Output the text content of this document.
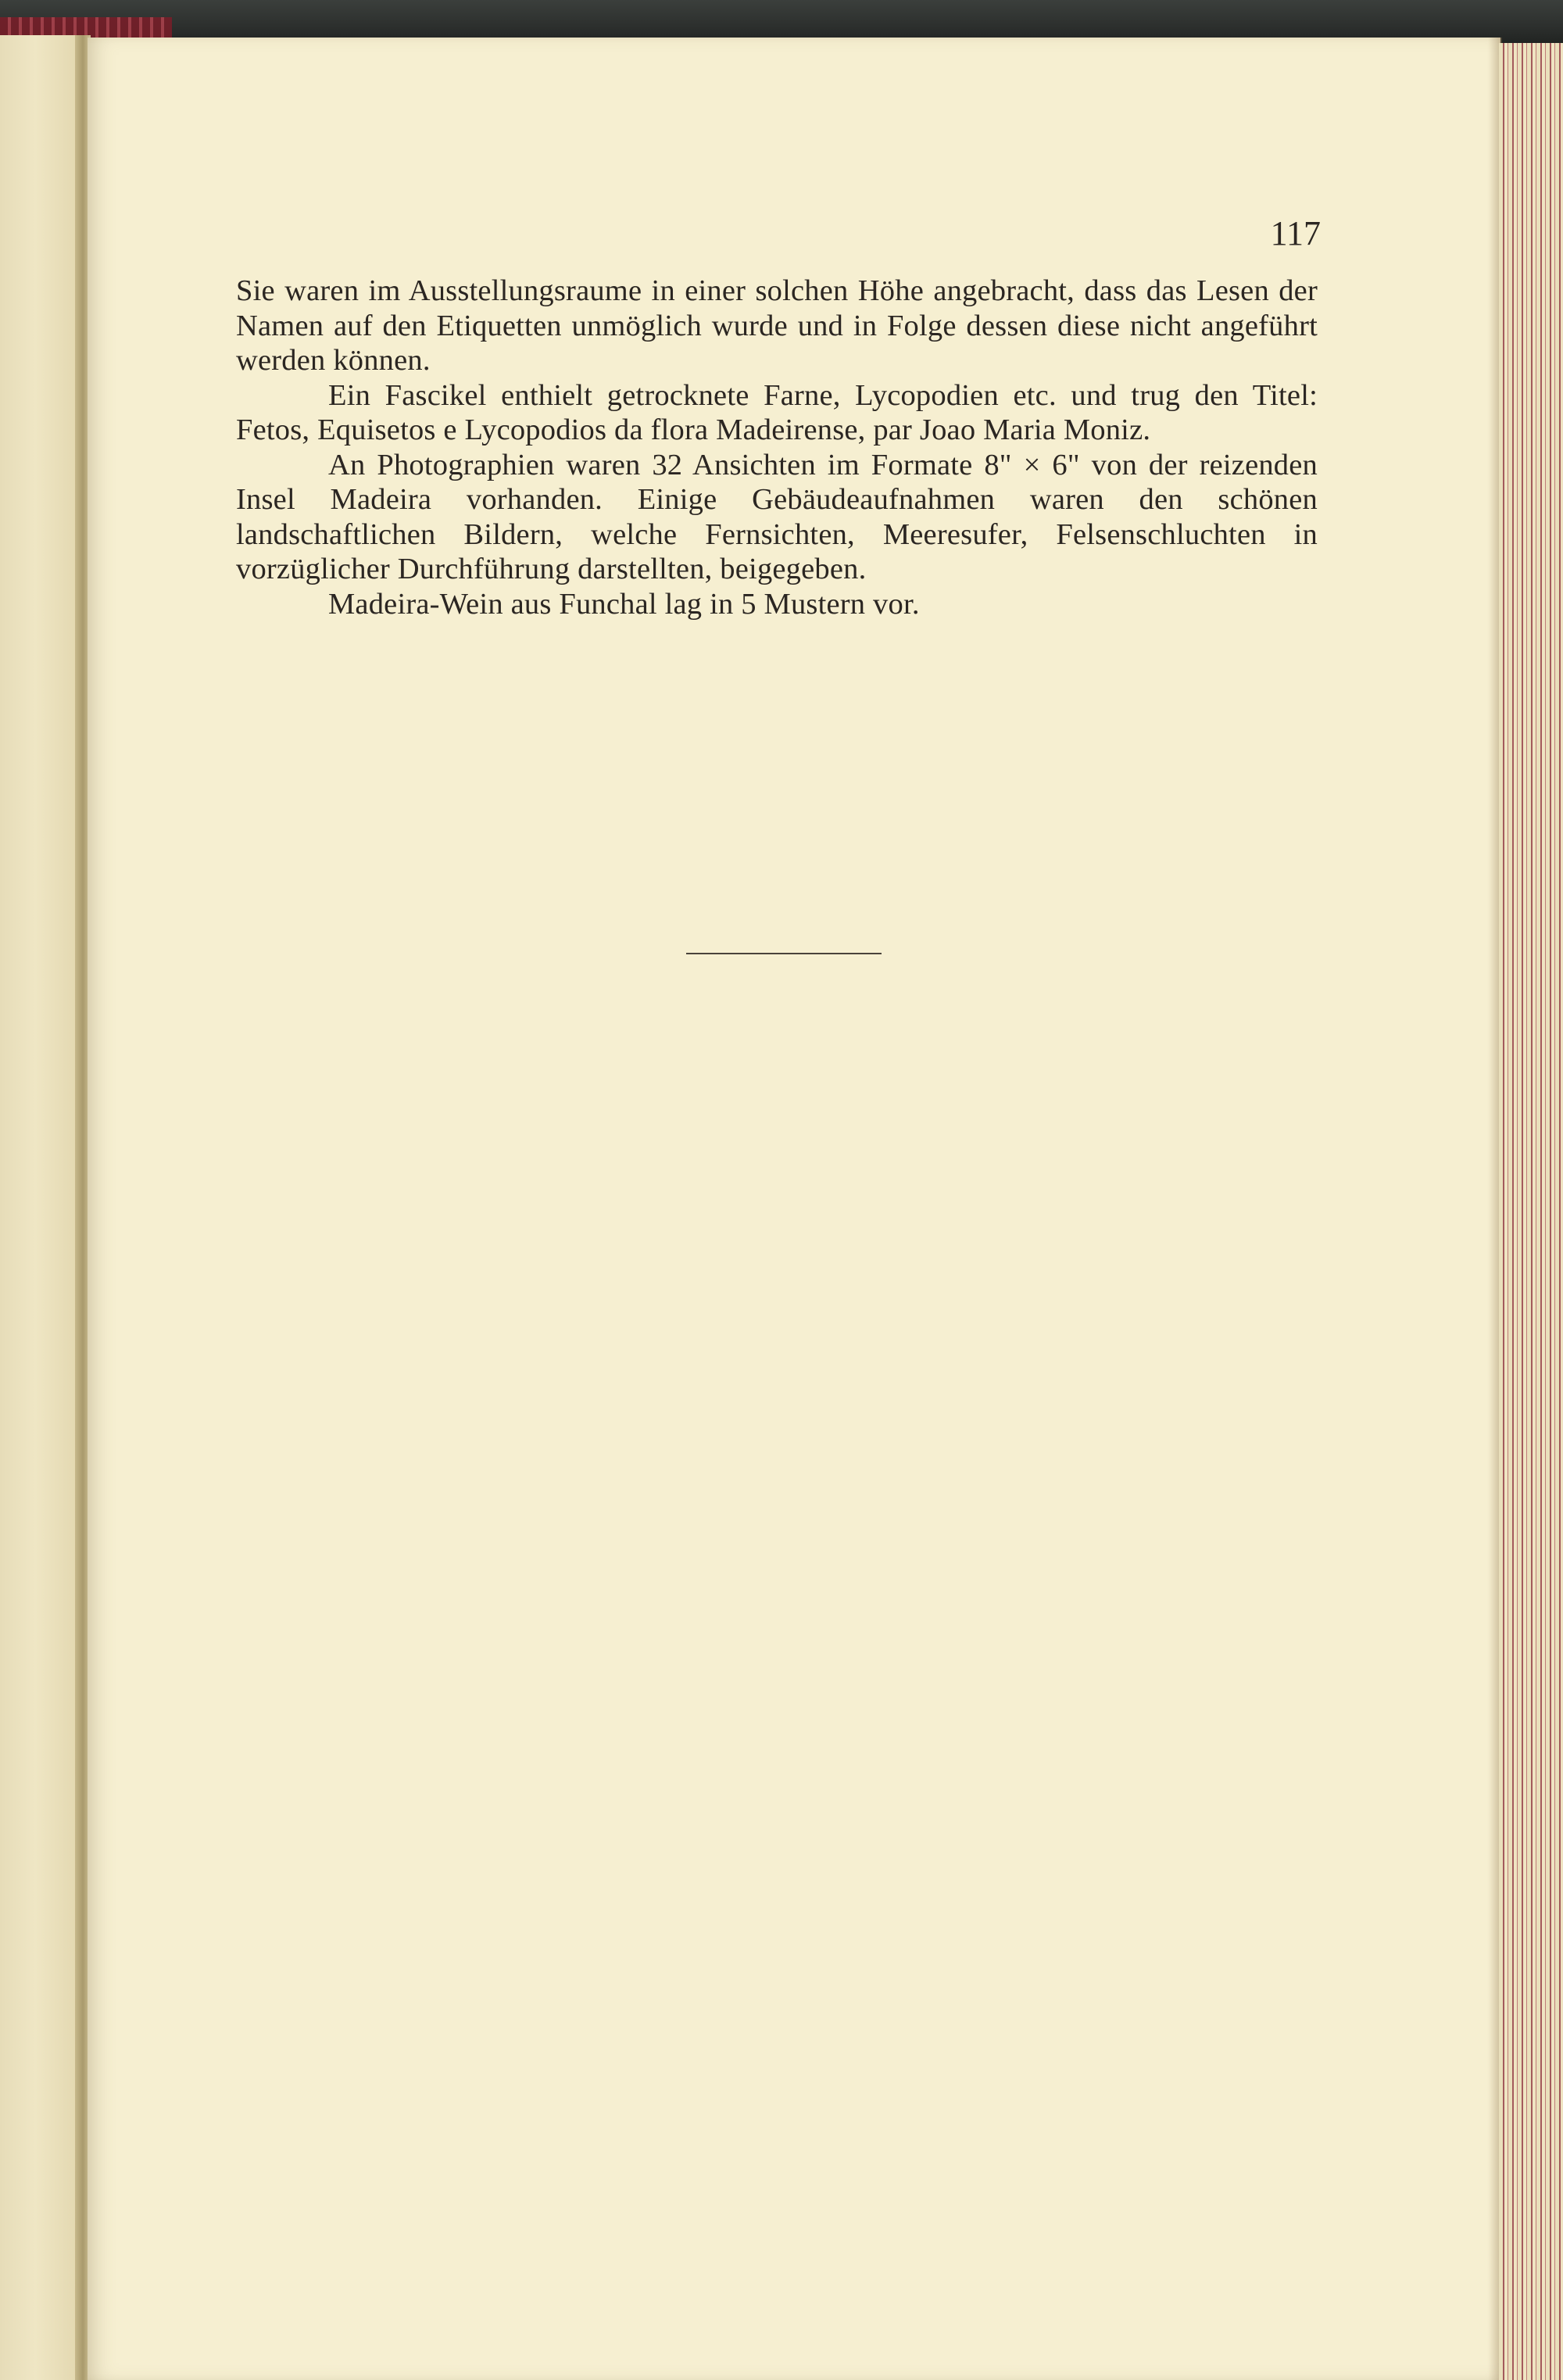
117

Sie waren im Ausstellungsraume in einer solchen Höhe angebracht, dass das Lesen der Namen auf den Etiquetten unmöglich wurde und in Folge dessen diese nicht angeführt werden können.

Ein Fascikel enthielt getrocknete Farne, Lycopodien etc. und trug den Titel: Fetos, Equisetos e Lycopodios da flora Madeirense, par Joao Maria Moniz.

An Photographien waren 32 Ansichten im Formate 8" × 6" von der reizenden Insel Madeira vorhanden. Einige Gebäudeaufnahmen waren den schönen landschaftlichen Bildern, welche Fernsichten, Meeresufer, Felsenschluchten in vorzüglicher Durchführung darstellten, beigegeben.

Madeira-Wein aus Funchal lag in 5 Mustern vor.
